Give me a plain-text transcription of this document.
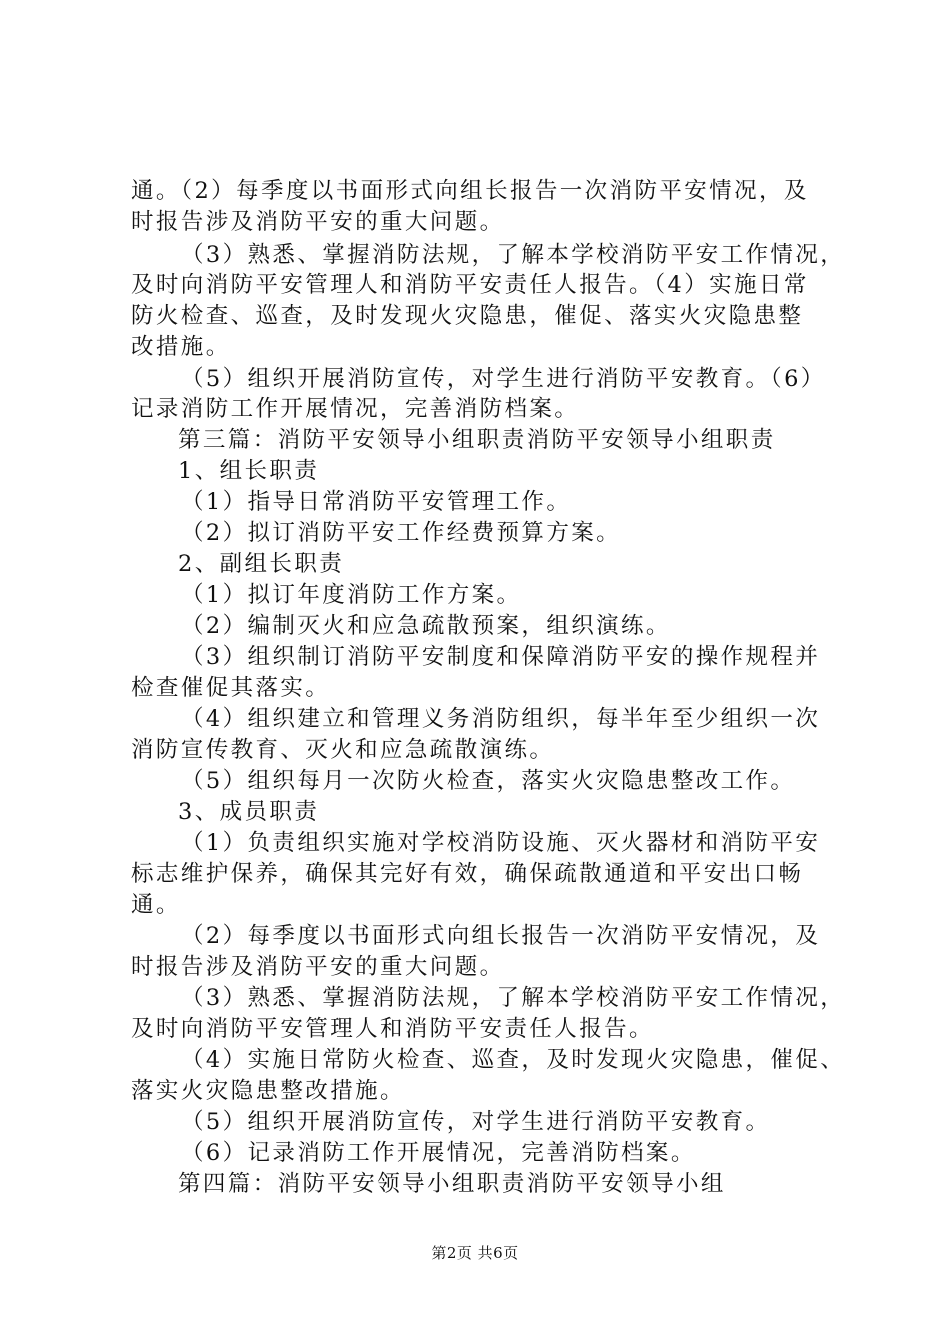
通。（2）每季度以书面形式向组长报告一次消防平安情况，及
时报告涉及消防平安的重大问题。
（3）熟悉、掌握消防法规，了解本学校消防平安工作情况，
及时向消防平安管理人和消防平安责任人报告。（4）实施日常
防火检查、巡查，及时发现火灾隐患，催促、落实火灾隐患整
改措施。
（5）组织开展消防宣传，对学生进行消防平安教育。（6）
记录消防工作开展情况，完善消防档案。
第三篇：消防平安领导小组职责消防平安领导小组职责
1、组长职责
（1）指导日常消防平安管理工作。
（2）拟订消防平安工作经费预算方案。
2、副组长职责
（1）拟订年度消防工作方案。
（2）编制灭火和应急疏散预案，组织演练。
（3）组织制订消防平安制度和保障消防平安的操作规程并
检查催促其落实。
（4）组织建立和管理义务消防组织，每半年至少组织一次
消防宣传教育、灭火和应急疏散演练。
（5）组织每月一次防火检查，落实火灾隐患整改工作。
3、成员职责
（1）负责组织实施对学校消防设施、灭火器材和消防平安
标志维护保养，确保其完好有效，确保疏散通道和平安出口畅
通。
（2）每季度以书面形式向组长报告一次消防平安情况，及
时报告涉及消防平安的重大问题。
（3）熟悉、掌握消防法规，了解本学校消防平安工作情况，
及时向消防平安管理人和消防平安责任人报告。
（4）实施日常防火检查、巡查，及时发现火灾隐患，催促、
落实火灾隐患整改措施。
（5）组织开展消防宣传，对学生进行消防平安教育。
（6）记录消防工作开展情况，完善消防档案。
第四篇：消防平安领导小组职责消防平安领导小组
第2页 共6页
